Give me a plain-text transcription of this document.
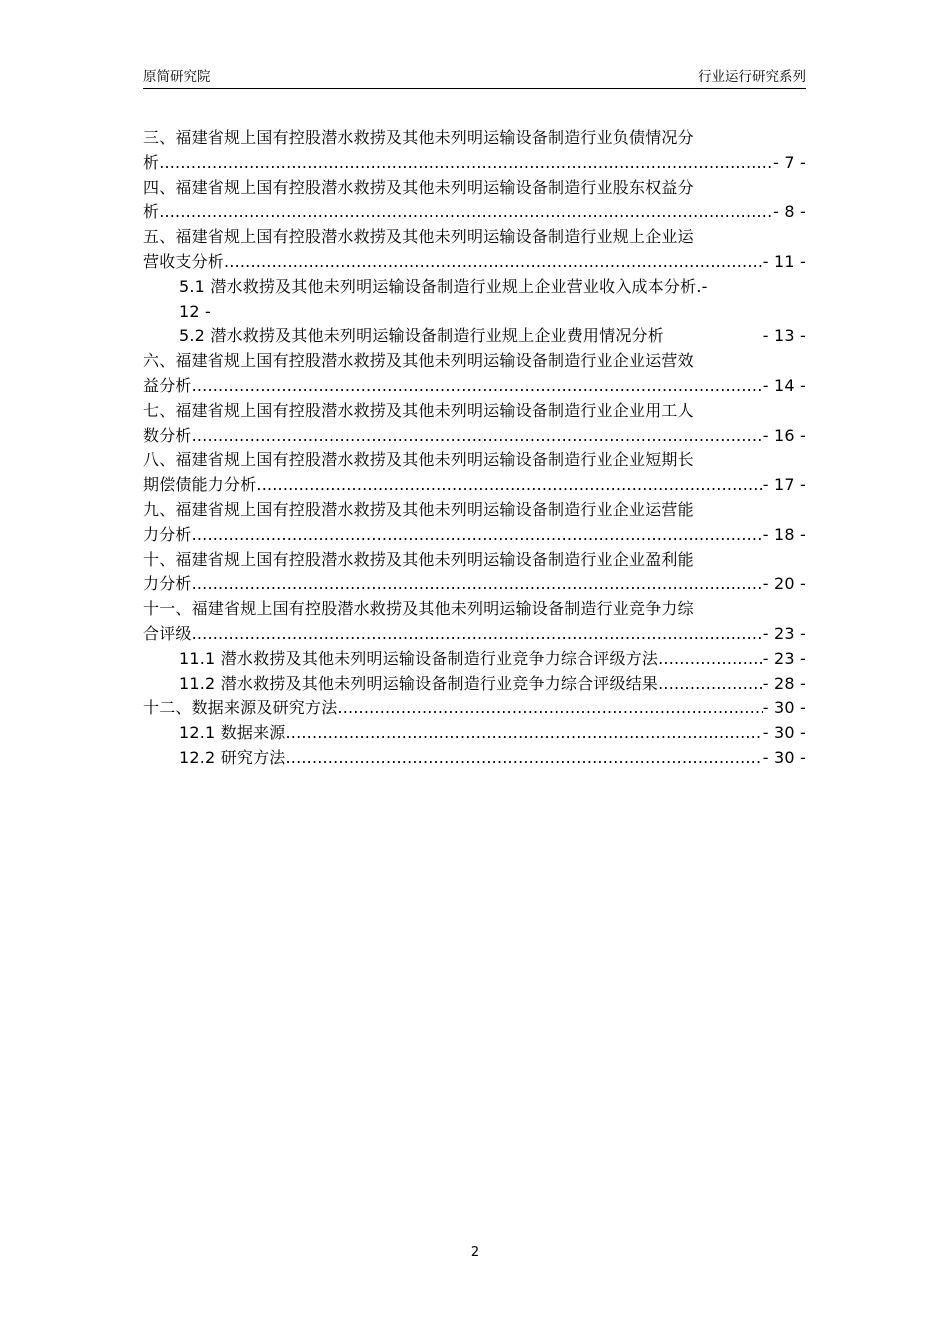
原简研究院	行业运行研究系列
三、福建省规上国有控股潜水救捞及其他未列明运输设备制造行业负债情况分
析 .....	- 7 -
四、福建省规上国有控股潜水救捞及其他未列明运输设备制造行业股东权益分
析 .....	- 8 -
五、福建省规上国有控股潜水救捞及其他未列明运输设备制造行业规上企业运
营收支分析 .....	- 11 -
5.1 潜水救捞及其他未列明运输设备制造行业规上企业营业收入成本分析.-
12 -
5.2 潜水救捞及其他未列明运输设备制造行业规上企业费用情况分析	- 13 -
六、福建省规上国有控股潜水救捞及其他未列明运输设备制造行业企业运营效
益分析 .....	- 14 -
七、福建省规上国有控股潜水救捞及其他未列明运输设备制造行业企业用工人
数分析 .....	- 16 -
八、福建省规上国有控股潜水救捞及其他未列明运输设备制造行业企业短期长
期偿债能力分析 .....	- 17 -
九、福建省规上国有控股潜水救捞及其他未列明运输设备制造行业企业运营能
力分析 .....	- 18 -
十、福建省规上国有控股潜水救捞及其他未列明运输设备制造行业企业盈利能
力分析 .....	- 20 -
十一、福建省规上国有控股潜水救捞及其他未列明运输设备制造行业竞争力综
合评级 .....	- 23 -
11.1 潜水救捞及其他未列明运输设备制造行业竞争力综合评级方法 .....	- 23 -
11.2 潜水救捞及其他未列明运输设备制造行业竞争力综合评级结果 .....	- 28 -
十二、数据来源及研究方法 .....	- 30 -
12.1 数据来源 .....	- 30 -
12.2 研究方法 .....	- 30 -
2
